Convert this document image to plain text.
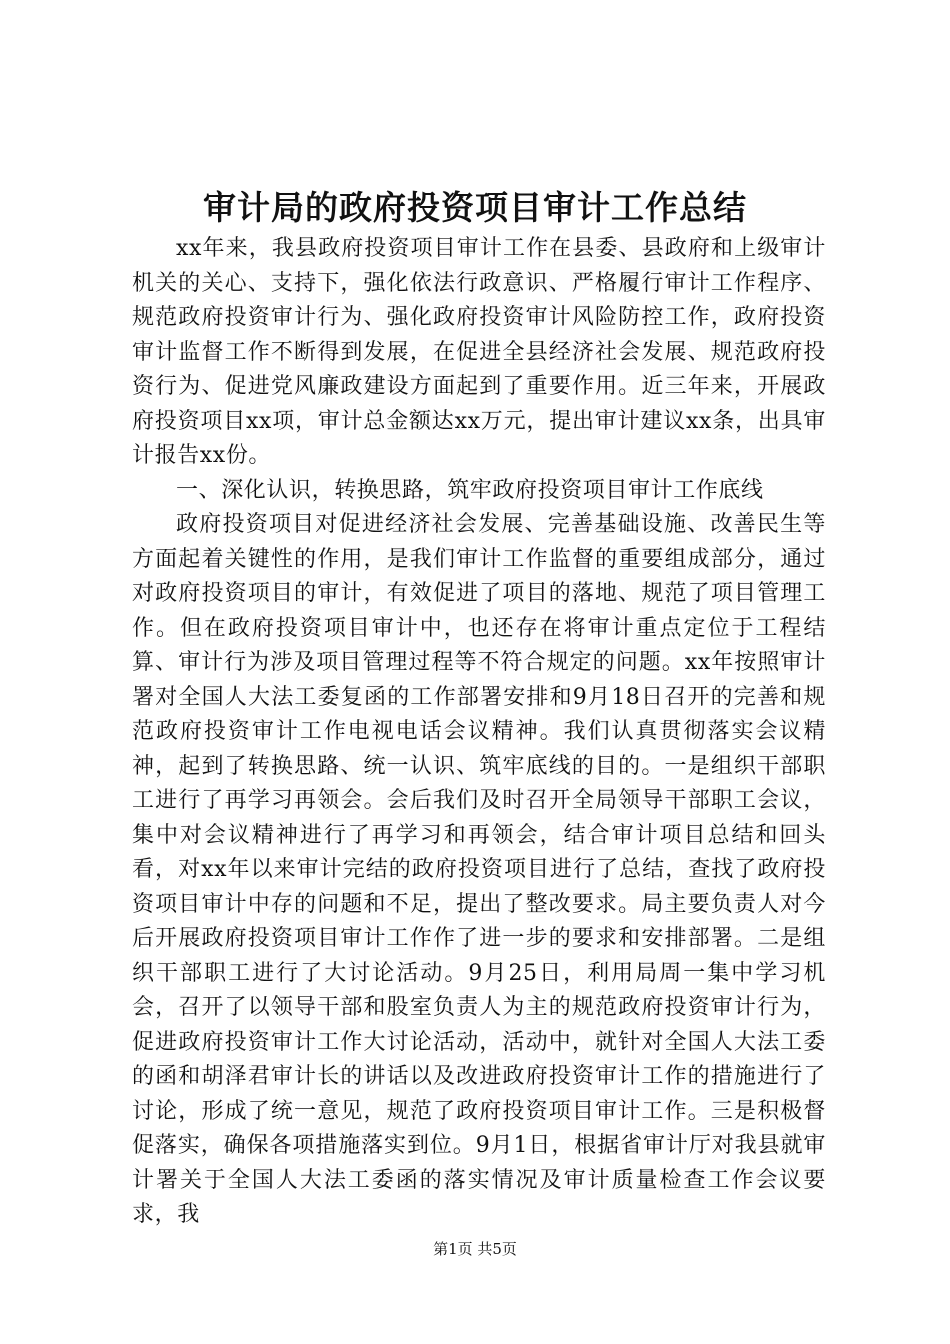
审计局的政府投资项目审计工作总结

xx年来，我县政府投资项目审计工作在县委、县政府和上级审计机关的关心、支持下，强化依法行政意识、严格履行审计工作程序、规范政府投资审计行为、强化政府投资审计风险防控工作，政府投资审计监督工作不断得到发展，在促进全县经济社会发展、规范政府投资行为、促进党风廉政建设方面起到了重要作用。近三年来，开展政府投资项目xx项，审计总金额达xx万元，提出审计建议xx条，出具审计报告xx份。

一、深化认识，转换思路，筑牢政府投资项目审计工作底线

政府投资项目对促进经济社会发展、完善基础设施、改善民生等方面起着关键性的作用，是我们审计工作监督的重要组成部分，通过对政府投资项目的审计，有效促进了项目的落地、规范了项目管理工作。但在政府投资项目审计中，也还存在将审计重点定位于工程结算、审计行为涉及项目管理过程等不符合规定的问题。xx年按照审计署对全国人大法工委复函的工作部署安排和9月18日召开的完善和规范政府投资审计工作电视电话会议精神。我们认真贯彻落实会议精神，起到了转换思路、统一认识、筑牢底线的目的。一是组织干部职工进行了再学习再领会。会后我们及时召开全局领导干部职工会议，集中对会议精神进行了再学习和再领会，结合审计项目总结和回头看，对xx年以来审计完结的政府投资项目进行了总结，查找了政府投资项目审计中存的问题和不足，提出了整改要求。局主要负责人对今后开展政府投资项目审计工作作了进一步的要求和安排部署。二是组织干部职工进行了大讨论活动。9月25日，利用局周一集中学习机会，召开了以领导干部和股室负责人为主的规范政府投资审计行为，促进政府投资审计工作大讨论活动，活动中，就针对全国人大法工委的函和胡泽君审计长的讲话以及改进政府投资审计工作的措施进行了讨论，形成了统一意见，规范了政府投资项目审计工作。三是积极督促落实，确保各项措施落实到位。9月1日，根据省审计厅对我县就审计署关于全国人大法工委函的落实情况及审计质量检查工作会议要求，我

第1页 共5页
